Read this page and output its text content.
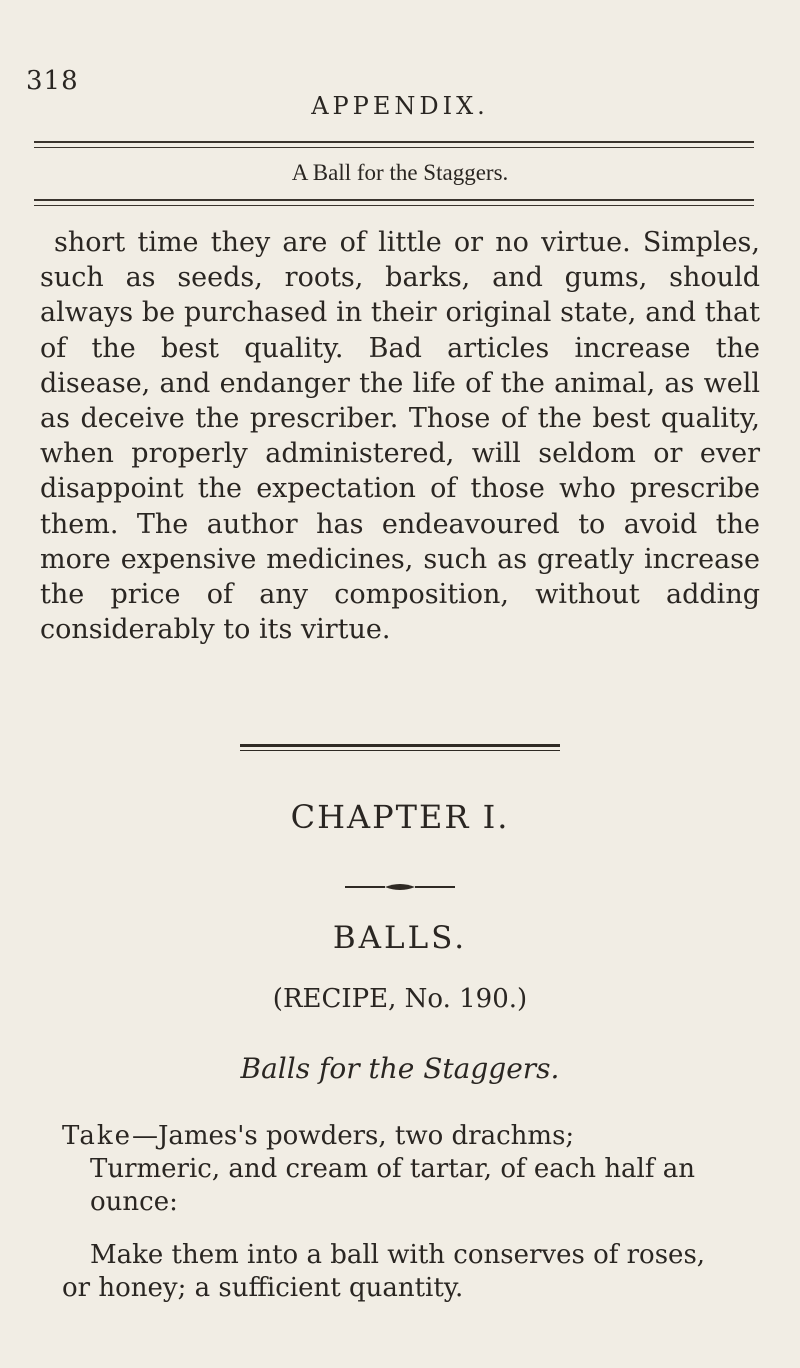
318
APPENDIX.
A Ball for the Staggers.

short time they are of little or no virtue. Simples, such as seeds, roots, barks, and gums, should always be purchased in their original state, and that of the best quality. Bad articles increase the disease, and endanger the life of the animal, as well as deceive the prescriber. Those of the best quality, when properly administered, will seldom or ever disappoint the expectation of those who prescribe them. The author has endeavoured to avoid the more expensive medicines, such as greatly increase the price of any composition, without adding considerably to its virtue.

CHAPTER I.
BALLS.
(RECIPE, No. 190.)
Balls for the Staggers.

Take—James's powders, two drachms;

Turmeric, and cream of tartar, of each half an

ounce:

Make them into a ball with conserves of roses,

or honey; a sufficient quantity.
